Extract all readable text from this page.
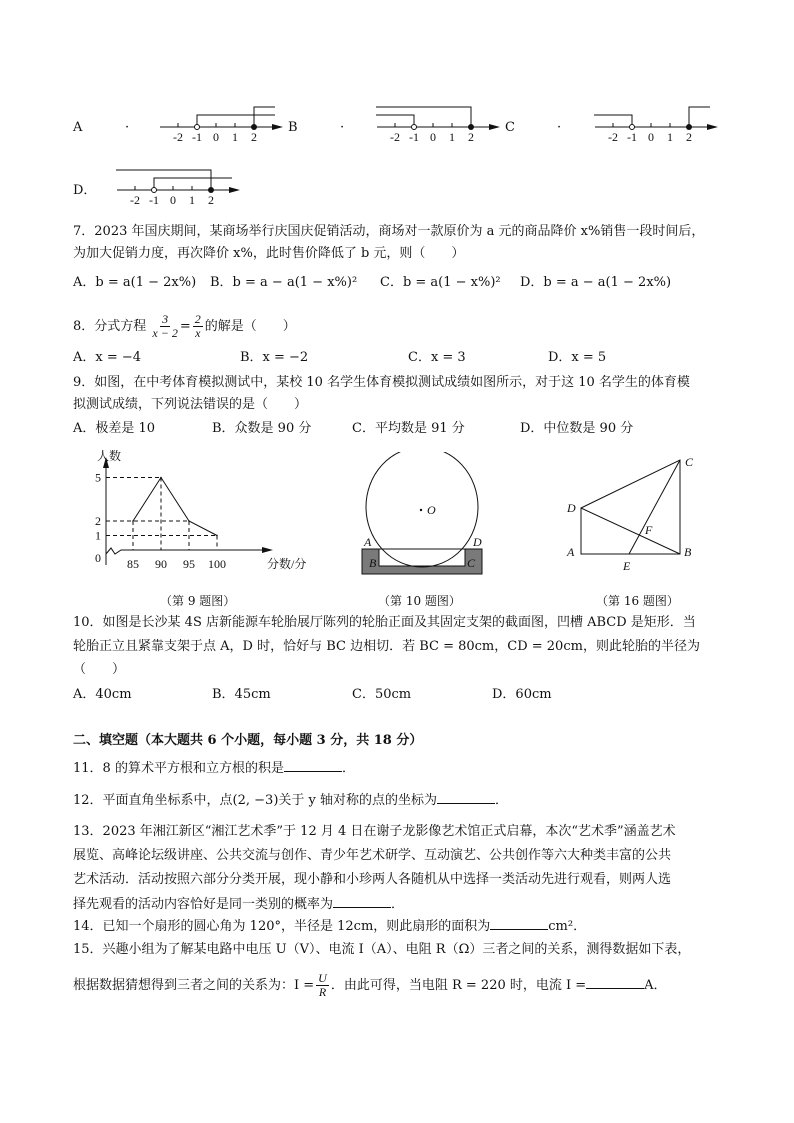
A	·
-2 -1 0 1 2
B	·
-2 -1 0 1 2
C	·
-2 -1 0 1 2
D．
-2 -1 0 1 2
7．2023 年国庆期间，某商场举行庆国庆促销活动，商场对一款原价为 a 元的商品降价 x%销售一段时间后，
为加大促销力度，再次降价 x%，此时售价降低了 b 元，则（　　）
A．b = a(1 − 2x%) B．b = a − a(1 − x%)² C．b = a(1 − x%)² D．b = a − a(1 − 2x%)
8．分式方程 $\frac{3}{x - 2} = \frac{2}{x}$ 的解是（　　）
A．x = −4	B．x = −2	C．x = 3	D．x = 5
9．如图，在中考体育模拟测试中，某校 10 名学生体育模拟测试成绩如图所示，对于这 10 名学生的体育模
拟测试成绩，下列说法错误的是（　　）
A．极差是 10	B．众数是 90 分	C．平均数是 91 分	D．中位数是 90 分
人数
分数/分
0
1
2
5
85 90 95 100
（第 9 题图）
O
A	D
B	C
（第 10 题图）
C
D
A	B
E
F
（第 16 题图）
10．如图是长沙某 4S 店新能源车轮胎展厅陈列的轮胎正面及其固定支架的截面图，凹槽 ABCD 是矩形．当
轮胎正立且紧靠支架于点 A，D 时，恰好与 BC 边相切．若 BC = 80cm，CD = 20cm，则此轮胎的半径为
（　　）
A．40cm	B．45cm	C．50cm	D．60cm
二、填空题（本大题共 6 个小题，每小题 3 分，共 18 分）
11．8 的算术平方根和立方根的积是	．
12．平面直角坐标系中，点(2, −3)关于 y 轴对称的点的坐标为	．
13．2023 年湘江新区“湘江艺术季”于 12 月 4 日在谢子龙影像艺术馆正式启幕，本次“艺术季”涵盖艺术
展览、高峰论坛级讲座、公共交流与创作、青少年艺术研学、互动演艺、公共创作等六大种类丰富的公共
艺术活动．活动按照六部分分类开展，现小静和小珍两人各随机从中选择一类活动先进行观看，则两人选
择先观看的活动内容恰好是同一类别的概率为	．
14．已知一个扇形的圆心角为 120°，半径是 12cm，则此扇形的面积为	cm²．
15．兴趣小组为了解某电路中电压 U（V）、电流 I（A）、电阻 R（Ω）三者之间的关系，测得数据如下表，
根据数据猜想得到三者之间的关系为：$I = \frac{U}{R}$ ．由此可得，当电阻 R = 220 时，电流 I =	A．
